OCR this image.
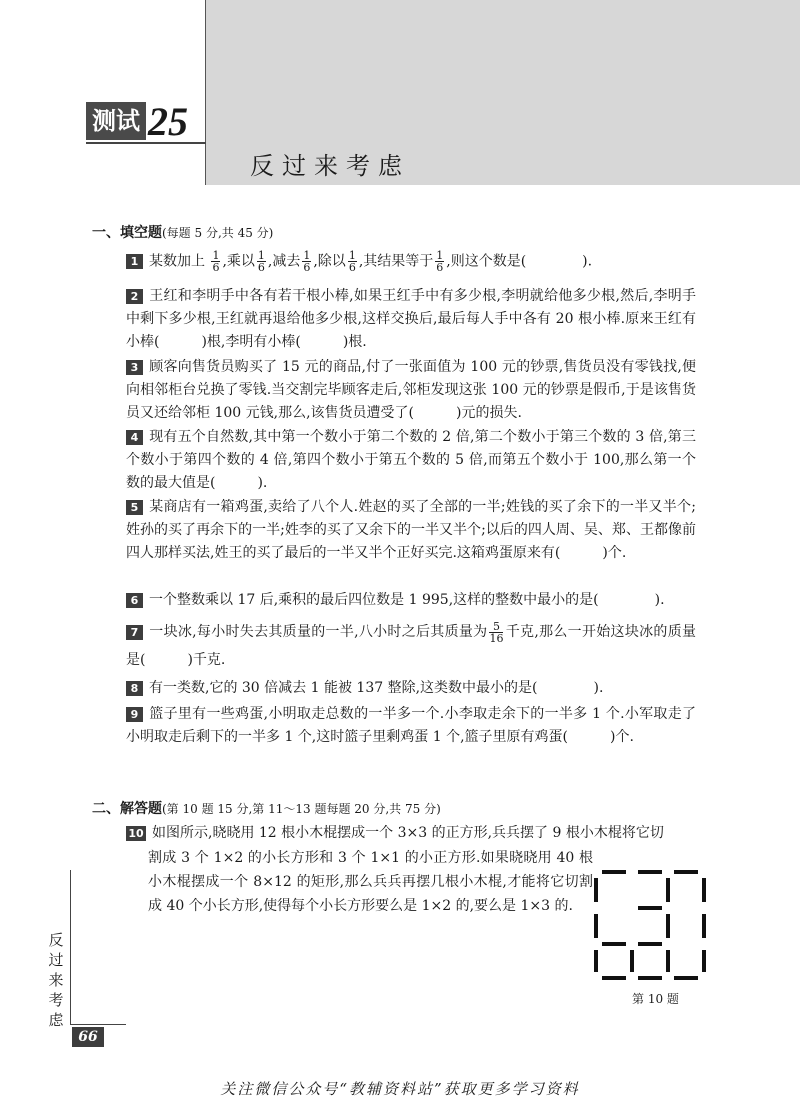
测试 25
反过来考虑
一、填空题(每题 5 分,共 45 分)
1 某数加上 $\frac{1}{6}$ ,乘以 $\frac{1}{6}$ ,减去 $\frac{1}{6}$ ,除以 $\frac{1}{6}$ ,其结果等于 $\frac{1}{6}$ ,则这个数是(　　　　).
2 王红和李明手中各有若干根小棒,如果王红手中有多少根,李明就给他多少根,然后,李明手中剩下多少根,王红就再退给他多少根,这样交换后,最后每人手中各有 20 根小棒.原来王红有小棒(　　　)根,李明有小棒(　　　)根.
3 顾客向售货员购买了 15 元的商品,付了一张面值为 100 元的钞票,售货员没有零钱找,便向相邻柜台兑换了零钱.当交割完毕顾客走后,邻柜发现这张 100 元的钞票是假币,于是该售货员又还给邻柜 100 元钱,那么,该售货员遭受了(　　　)元的损失.
4 现有五个自然数,其中第一个数小于第二个数的 2 倍,第二个数小于第三个数的 3 倍,第三个数小于第四个数的 4 倍,第四个数小于第五个数的 5 倍,而第五个数小于 100,那么第一个数的最大值是(　　　).
5 某商店有一箱鸡蛋,卖给了八个人.姓赵的买了全部的一半;姓钱的买了余下的一半又半个;姓孙的买了再余下的一半;姓李的买了又余下的一半又半个;以后的四人周、吴、郑、王都像前四人那样买法,姓王的买了最后的一半又半个正好买完.这箱鸡蛋原来有(　　　)个.
6 一个整数乘以 17 后,乘积的最后四位数是 1 995,这样的整数中最小的是(　　　　).
7 一块冰,每小时失去其质量的一半,八小时之后其质量为 $\frac{5}{16}$ 千克,那么一开始这块冰的质量是(　　　)千克.
8 有一类数,它的 30 倍减去 1 能被 137 整除,这类数中最小的是(　　　　).
9 篮子里有一些鸡蛋,小明取走总数的一半多一个.小李取走余下的一半多 1 个.小军取走了小明取走后剩下的一半多 1 个,这时篮子里剩鸡蛋 1 个,篮子里原有鸡蛋(　　　)个.
二、解答题(第 10 题 15 分,第 11～13 题每题 20 分,共 75 分)
10 如图所示,晓晓用 12 根小木棍摆成一个 3×3 的正方形,兵兵摆了 9 根小木棍将它切
割成 3 个 1×2 的小长方形和 3 个 1×1 的小正方形.如果晓晓用 40 根小木棍摆成一个 8×12 的矩形,那么兵兵再摆几根小木棍,才能将它切割成 40 个小长方形,使得每个小长方形要么是 1×2 的,要么是 1×3 的.
第 10 题
反过来考虑
66
关注微信公众号“教辅资料站”获取更多学习资料
